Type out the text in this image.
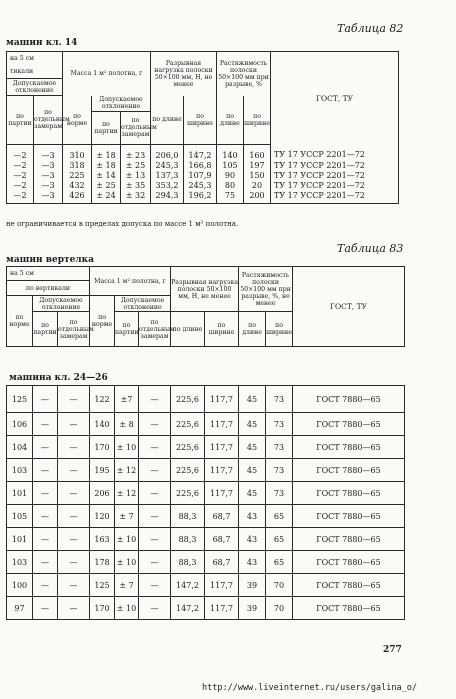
Таблица 82
машин кл. 14
на 5 см		Масса 1 м² полотна, г			Разрывная нагрузка полоски 50×100 мм, Н, не менее		Растяжимость полоски 50×100 мм при разрыве, %		ГОСТ, ТУ
тикали									
Допускаемое отклонение									
по партии	по отдельным замерам	по норме	Допускаемое отклонение		по длине	по ширине	по длине	по ширине	
			по партии	по отдельным замерам					
—2	—3	310	± 18	± 23	206,0	147,2	140	160	ТУ 17 УССР 2201—72
—2	—3	318	± 18	± 25	245,3	166,8	105	197	ТУ 17 УССР 2201—72
—2	—3	225	± 14	± 13	137,3	107,9	90	150	ТУ 17 УССР 2201—72
—2	—3	432	± 25	± 35	353,2	245,3	80	20	ТУ 17 УССР 2201—72
—2	—3	426	± 24	± 32	294,3	196,2	75	200	ТУ 17 УССР 2201—72
не ограничивается в пределах допуска по массе 1 м² полотна.
Таблица 83
машин вертелка
на 5 см			Масса 1 м² полотна, г			Разрывная нагрузка полоски 50×100 мм, Н, не менее		Растяжимость полоски 50×100 мм при разрыве, %, не менее		ГОСТ, ТУ
по вертикали										
по норме	Допускаемое отклонение		по норме	Допускаемое отклонение						
	по партии	по отдельным замерам		по партии	по отдельным замерам	по длине	по ширине	по длине	по ширине	
машина кл. 24—26
125	—	—	122	±7	—	225,6	117,7	45	73	ГОСТ 7880—65
106	—	—	140	± 8	—	225,6	117,7	45	73	ГОСТ 7880—65
104	—	—	170	± 10	—	225,6	117,7	45	73	ГОСТ 7880—65
103	—	—	195	± 12	—	225,6	117,7	45	73	ГОСТ 7880—65
101	—	—	206	± 12	—	225,6	117,7	45	73	ГОСТ 7880—65
105	—	—	120	± 7	—	88,3	68,7	43	65	ГОСТ 7880—65
101	—	—	163	± 10	—	88,3	68,7	43	65	ГОСТ 7880—65
103	—	—	178	± 10	—	88,3	68,7	43	65	ГОСТ 7880—65
100	—	—	125	± 7	—	147,2	117,7	39	70	ГОСТ 7880—65
97	—	—	170	± 10	—	147,2	117,7	39	70	ГОСТ 7880—65
277
http://www.liveinternet.ru/users/galina_o/
